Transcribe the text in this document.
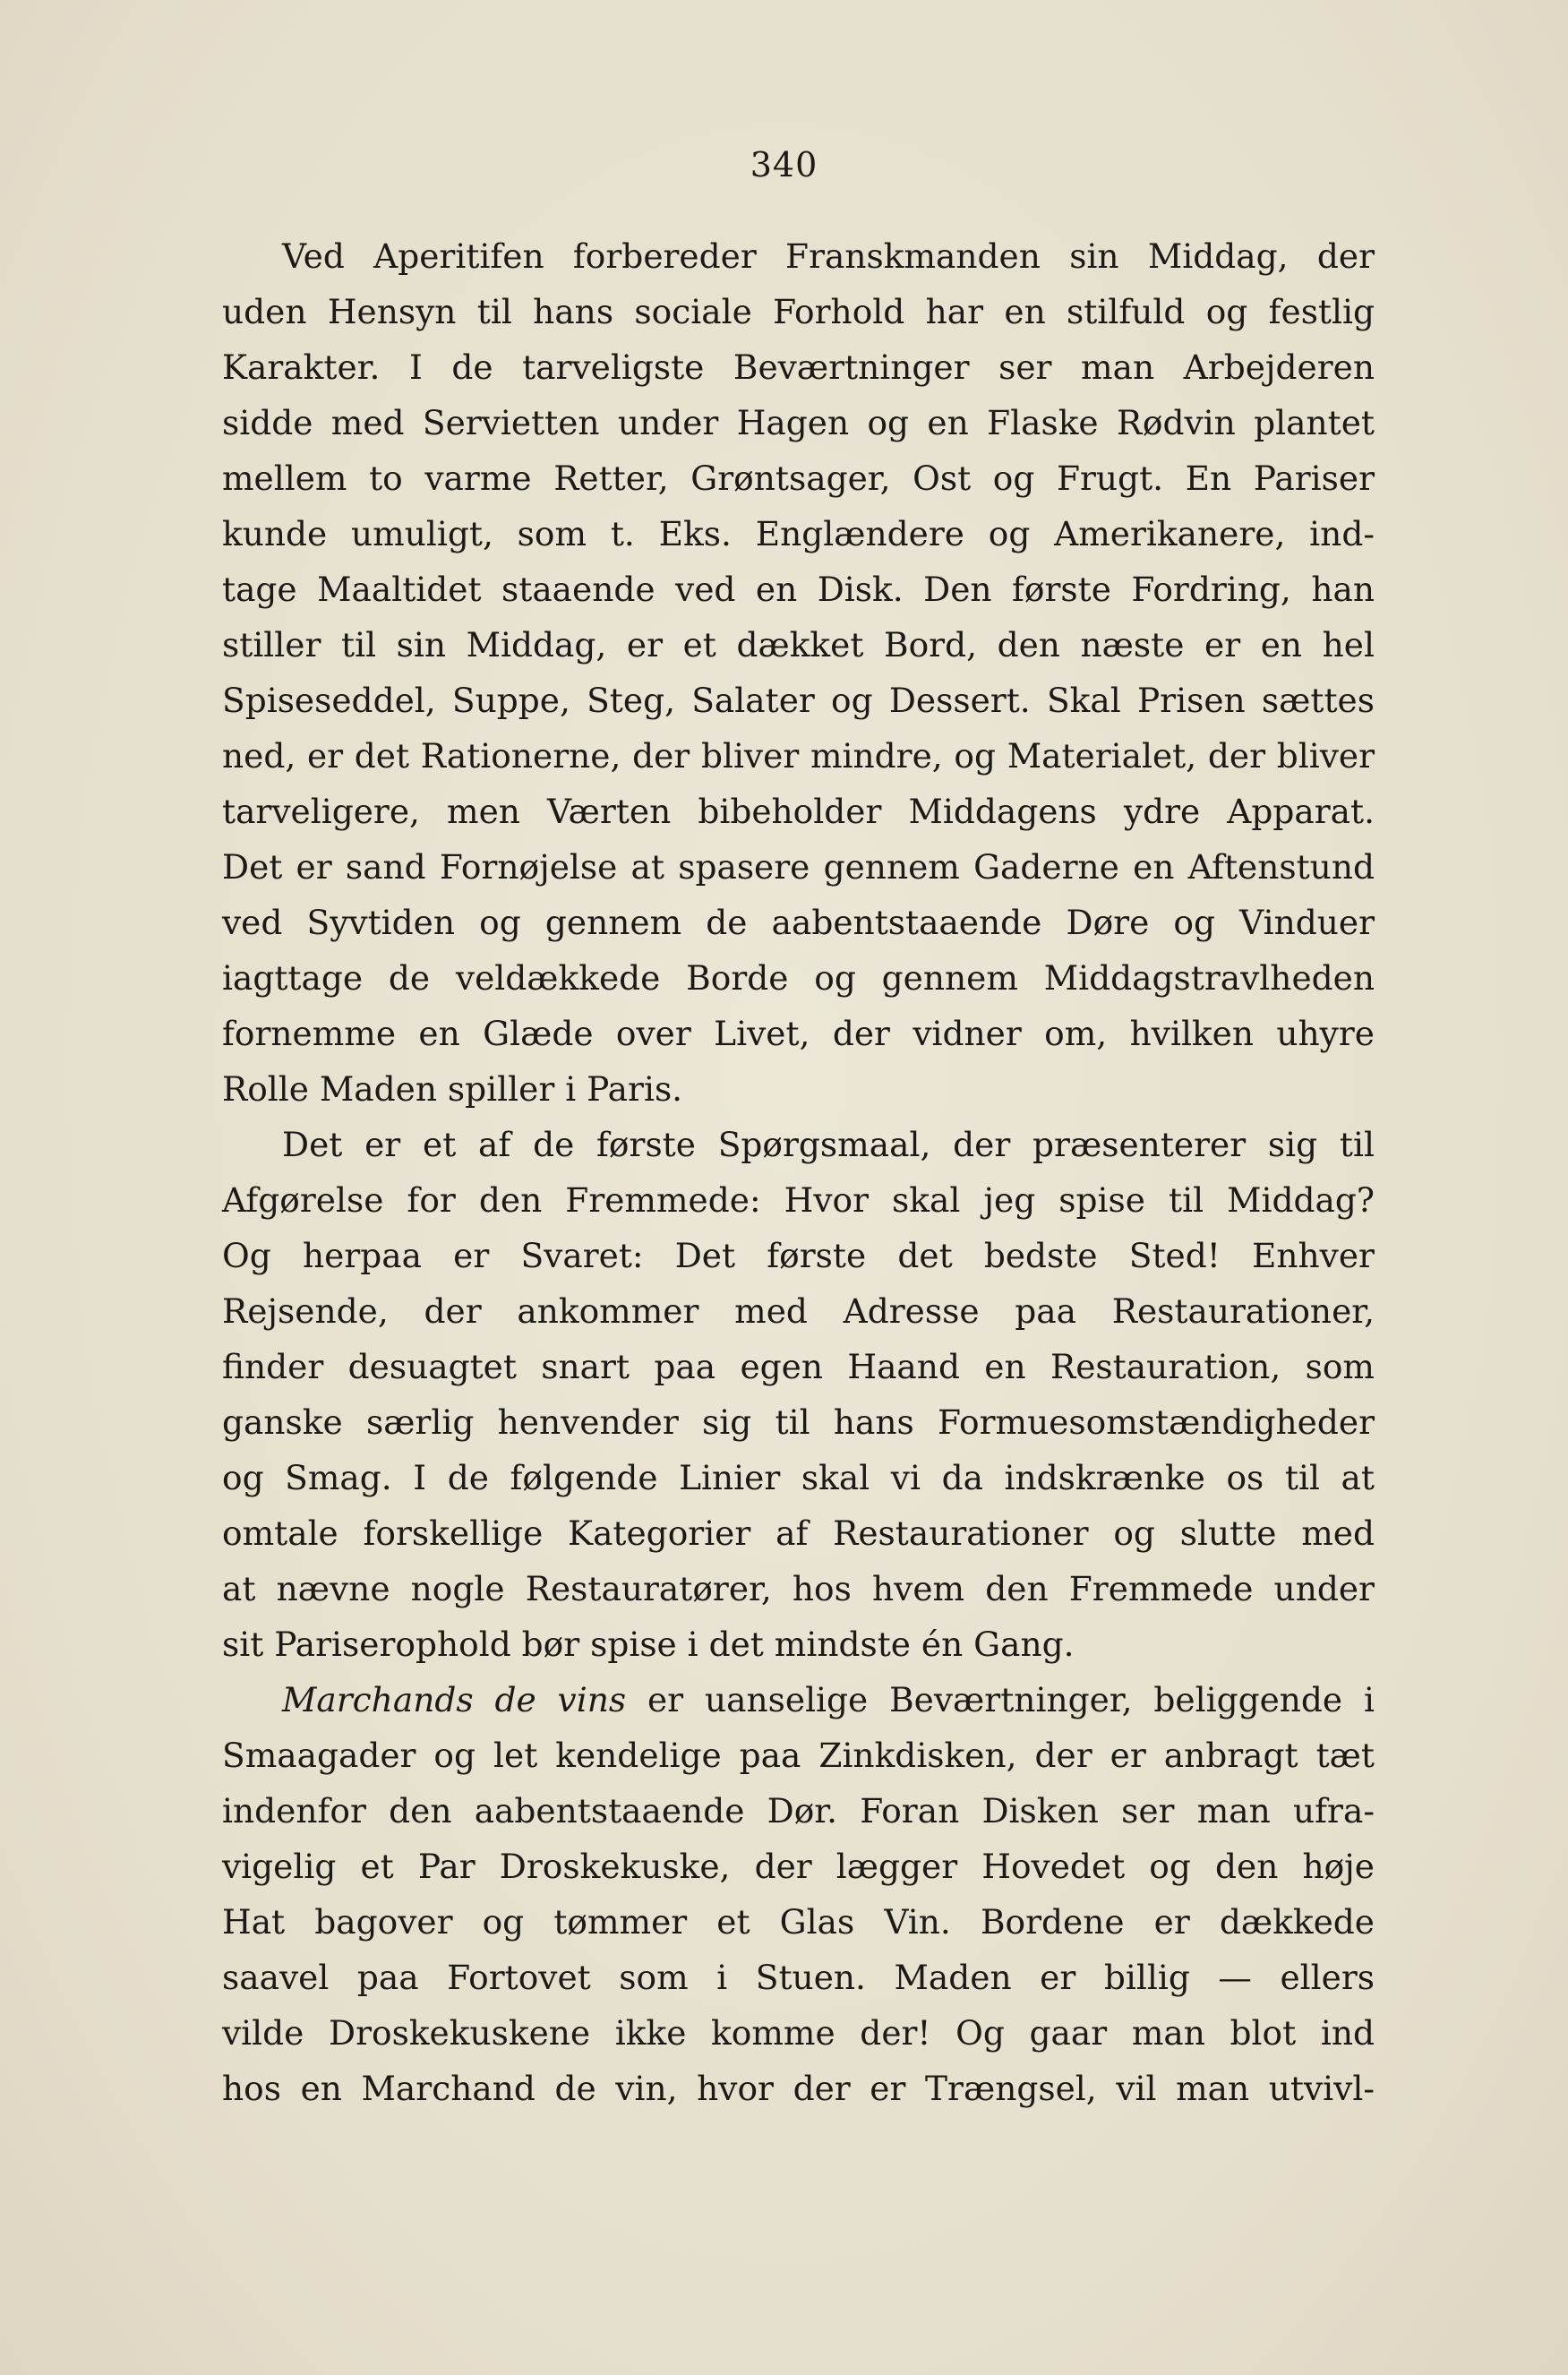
340
Ved Aperitifen forbereder Franskmanden sin Middag, der
uden Hensyn til hans sociale Forhold har en stilfuld og festlig
Karakter. I de tarveligste Beværtninger ser man Arbejderen
sidde med Servietten under Hagen og en Flaske Rødvin plantet
mellem to varme Retter, Grøntsager, Ost og Frugt. En Pariser
kunde umuligt, som t. Eks. Englændere og Amerikanere, ind-
tage Maaltidet staaende ved en Disk. Den første Fordring, han
stiller til sin Middag, er et dækket Bord, den næste er en hel
Spiseseddel, Suppe, Steg, Salater og Dessert. Skal Prisen sættes
ned, er det Rationerne, der bliver mindre, og Materialet, der bliver
tarveligere, men Værten bibeholder Middagens ydre Apparat.
Det er sand Fornøjelse at spasere gennem Gaderne en Aftenstund
ved Syvtiden og gennem de aabentstaaende Døre og Vinduer
iagttage de veldækkede Borde og gennem Middagstravlheden
fornemme en Glæde over Livet, der vidner om, hvilken uhyre
Rolle Maden spiller i Paris.
Det er et af de første Spørgsmaal, der præsenterer sig til
Afgørelse for den Fremmede: Hvor skal jeg spise til Middag?
Og herpaa er Svaret: Det første det bedste Sted! Enhver
Rejsende, der ankommer med Adresse paa Restaurationer,
finder desuagtet snart paa egen Haand en Restauration, som
ganske særlig henvender sig til hans Formuesomstændigheder
og Smag. I de følgende Linier skal vi da indskrænke os til at
omtale forskellige Kategorier af Restaurationer og slutte med
at nævne nogle Restauratører, hos hvem den Fremmede under
sit Pariserophold bør spise i det mindste én Gang.
Marchands de vins er uanselige Beværtninger, beliggende i
Smaagader og let kendelige paa Zinkdisken, der er anbragt tæt
indenfor den aabentstaaende Dør. Foran Disken ser man ufra-
vigelig et Par Droskekuske, der lægger Hovedet og den høje
Hat bagover og tømmer et Glas Vin. Bordene er dækkede
saavel paa Fortovet som i Stuen. Maden er billig — ellers
vilde Droskekuskene ikke komme der! Og gaar man blot ind
hos en Marchand de vin, hvor der er Trængsel, vil man utvivl-
